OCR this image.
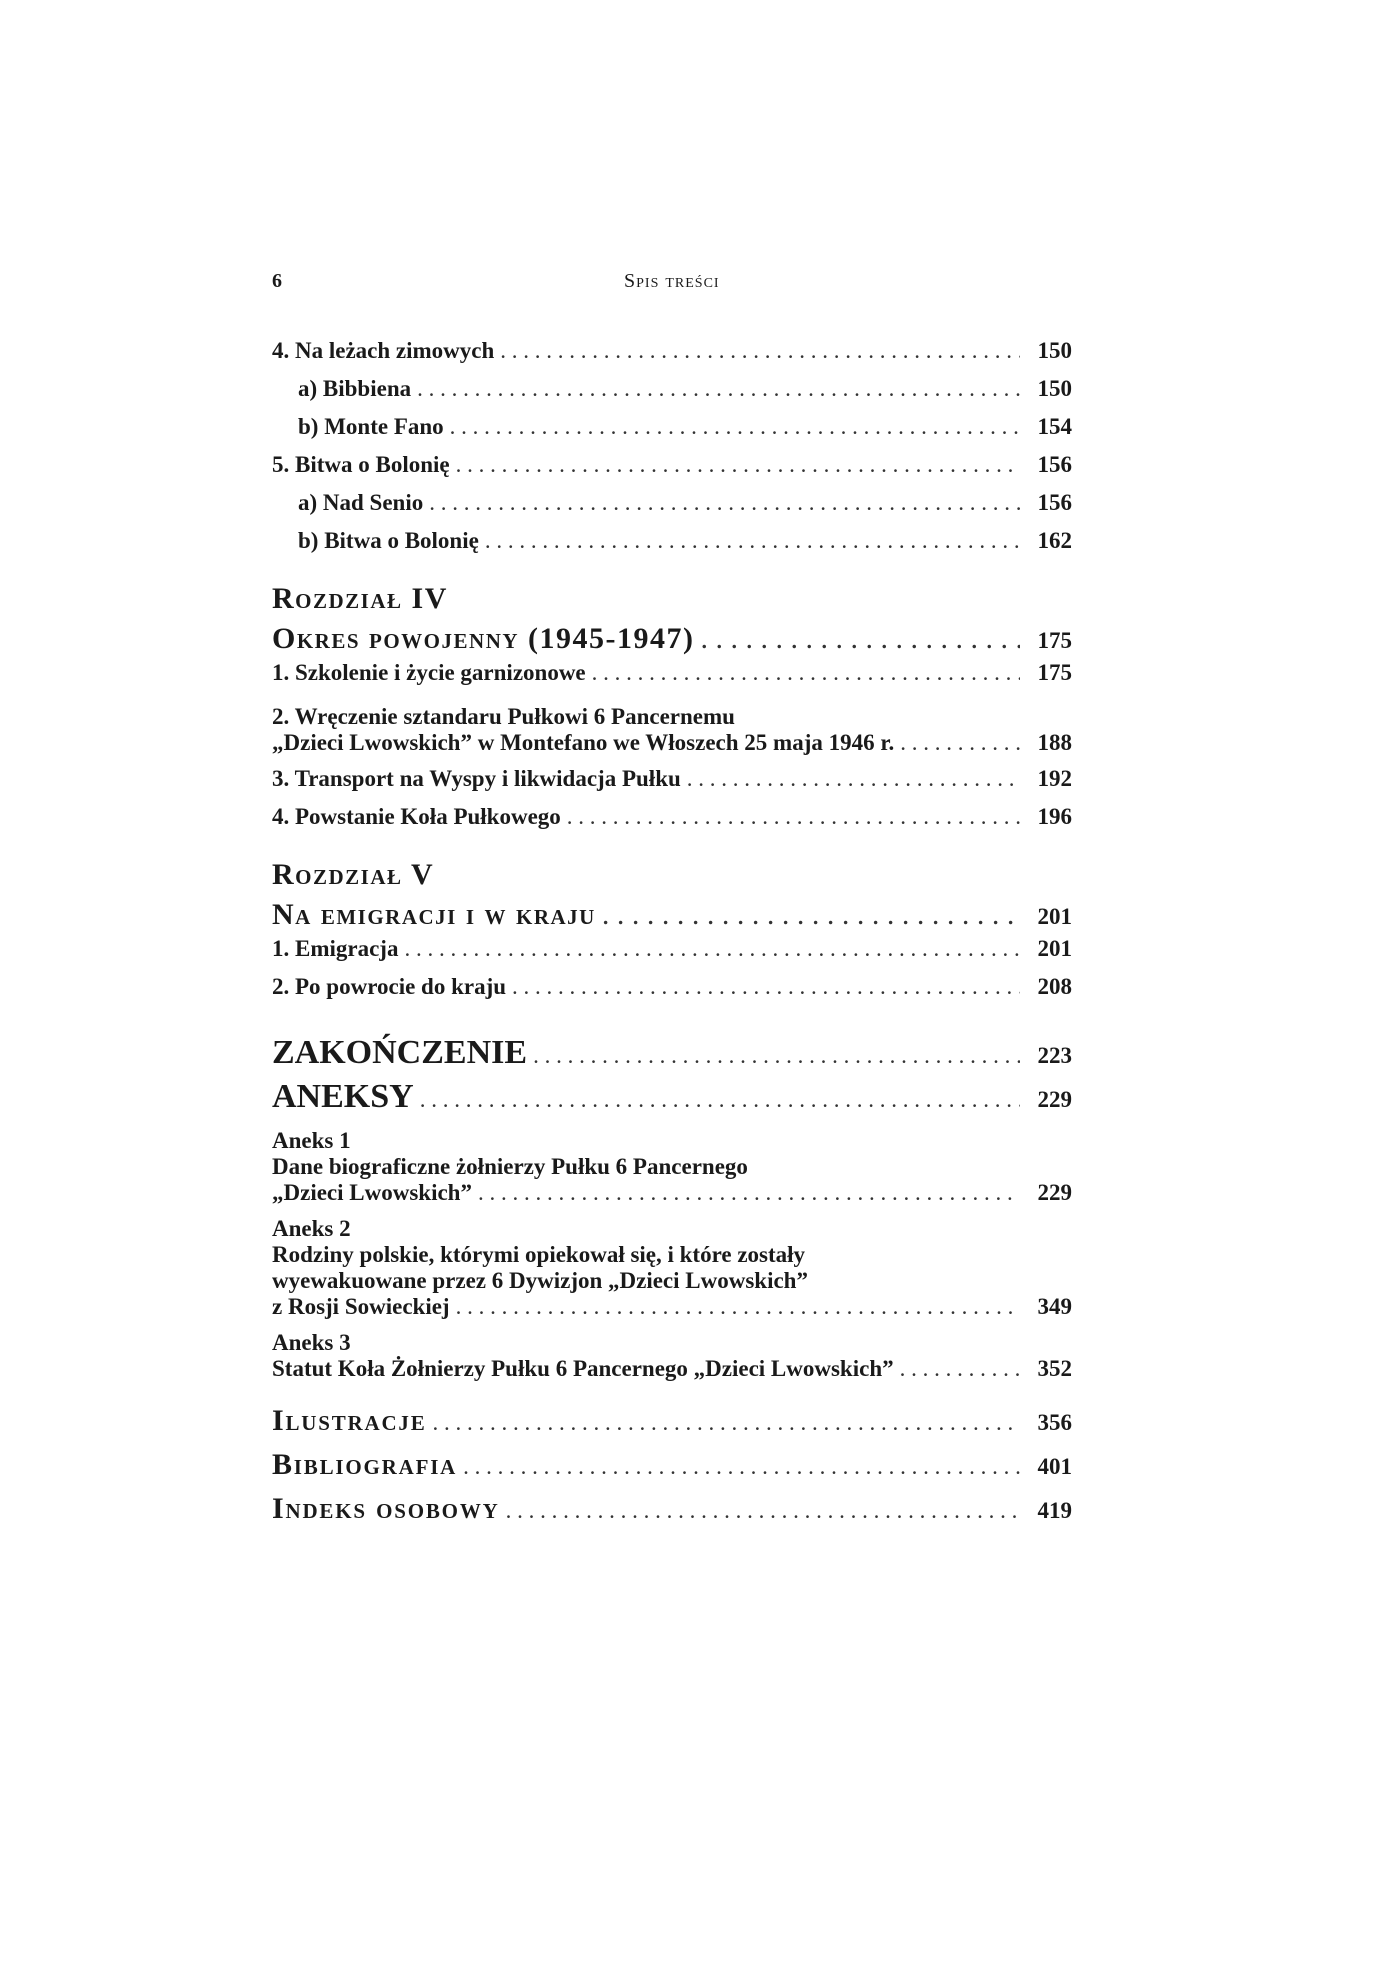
6	Spis treści
4. Na leżach zimowych . . .	150
a) Bibbiena . . .	150
b) Monte Fano . . .	154
5. Bitwa o Bolonię . . .	156
a) Nad Senio . . .	156
b) Bitwa o Bolonię . . .	162
Rozdział IV
Okres powojenny (1945-1947) . . .	175
1. Szkolenie i życie garnizonowe . . .	175
2. Wręczenie sztandaru Pułkowi 6 Pancernemu
„Dzieci Lwowskich” w Montefano we Włoszech 25 maja 1946 r. . . .	188
3. Transport na Wyspy i likwidacja Pułku . . .	192
4. Powstanie Koła Pułkowego . . .	196
Rozdział V
Na emigracji i w kraju . . .	201
1. Emigracja . . .	201
2. Po powrocie do kraju . . .	208
ZAKOŃCZENIE . . .	223
ANEKSY . . .	229
Aneks 1
Dane biograficzne żołnierzy Pułku 6 Pancernego
„Dzieci Lwowskich” . . .	229
Aneks 2
Rodziny polskie, którymi opiekował się, i które zostały
wyewakuowane przez 6 Dywizjon „Dzieci Lwowskich”
z Rosji Sowieckiej . . .	349
Aneks 3
Statut Koła Żołnierzy Pułku 6 Pancernego „Dzieci Lwowskich” . . .	352
Ilustracje . . .	356
Bibliografia . . .	401
Indeks osobowy . . .	419
